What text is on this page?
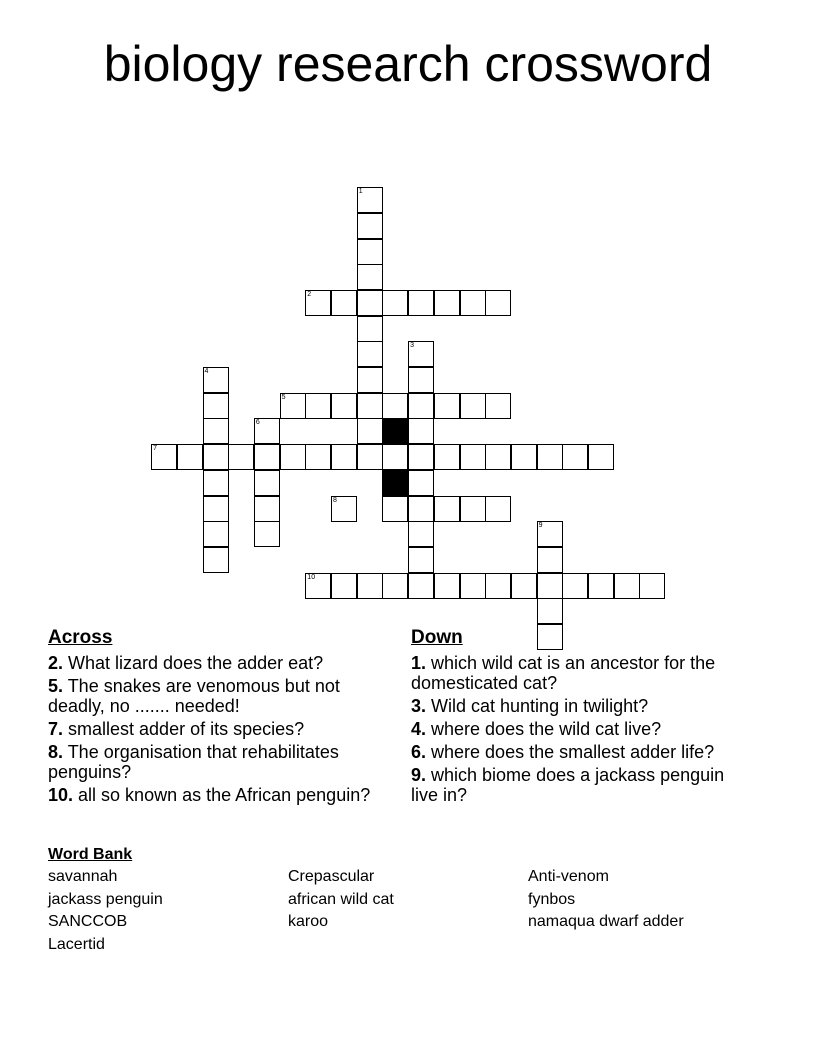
biology research crossword
1
2
3
4
5
6
7
8
9
10
Across
2. What lizard does the adder eat?
5. The snakes are venomous but not deadly, no ....... needed!
7. smallest adder of its species?
8. The organisation that rehabilitates penguins?
10. all so known as the African penguin?
Down
1. which wild cat is an ancestor for the domesticated cat?
3. Wild cat hunting in twilight?
4. where does the wild cat live?
6. where does the smallest adder life?
9. which biome does a jackass penguin live in?
Word Bank
savannah	Crepascular	Anti-venom
jackass penguin	african wild cat	fynbos
SANCCOB	karoo	namaqua dwarf adder
Lacertid
